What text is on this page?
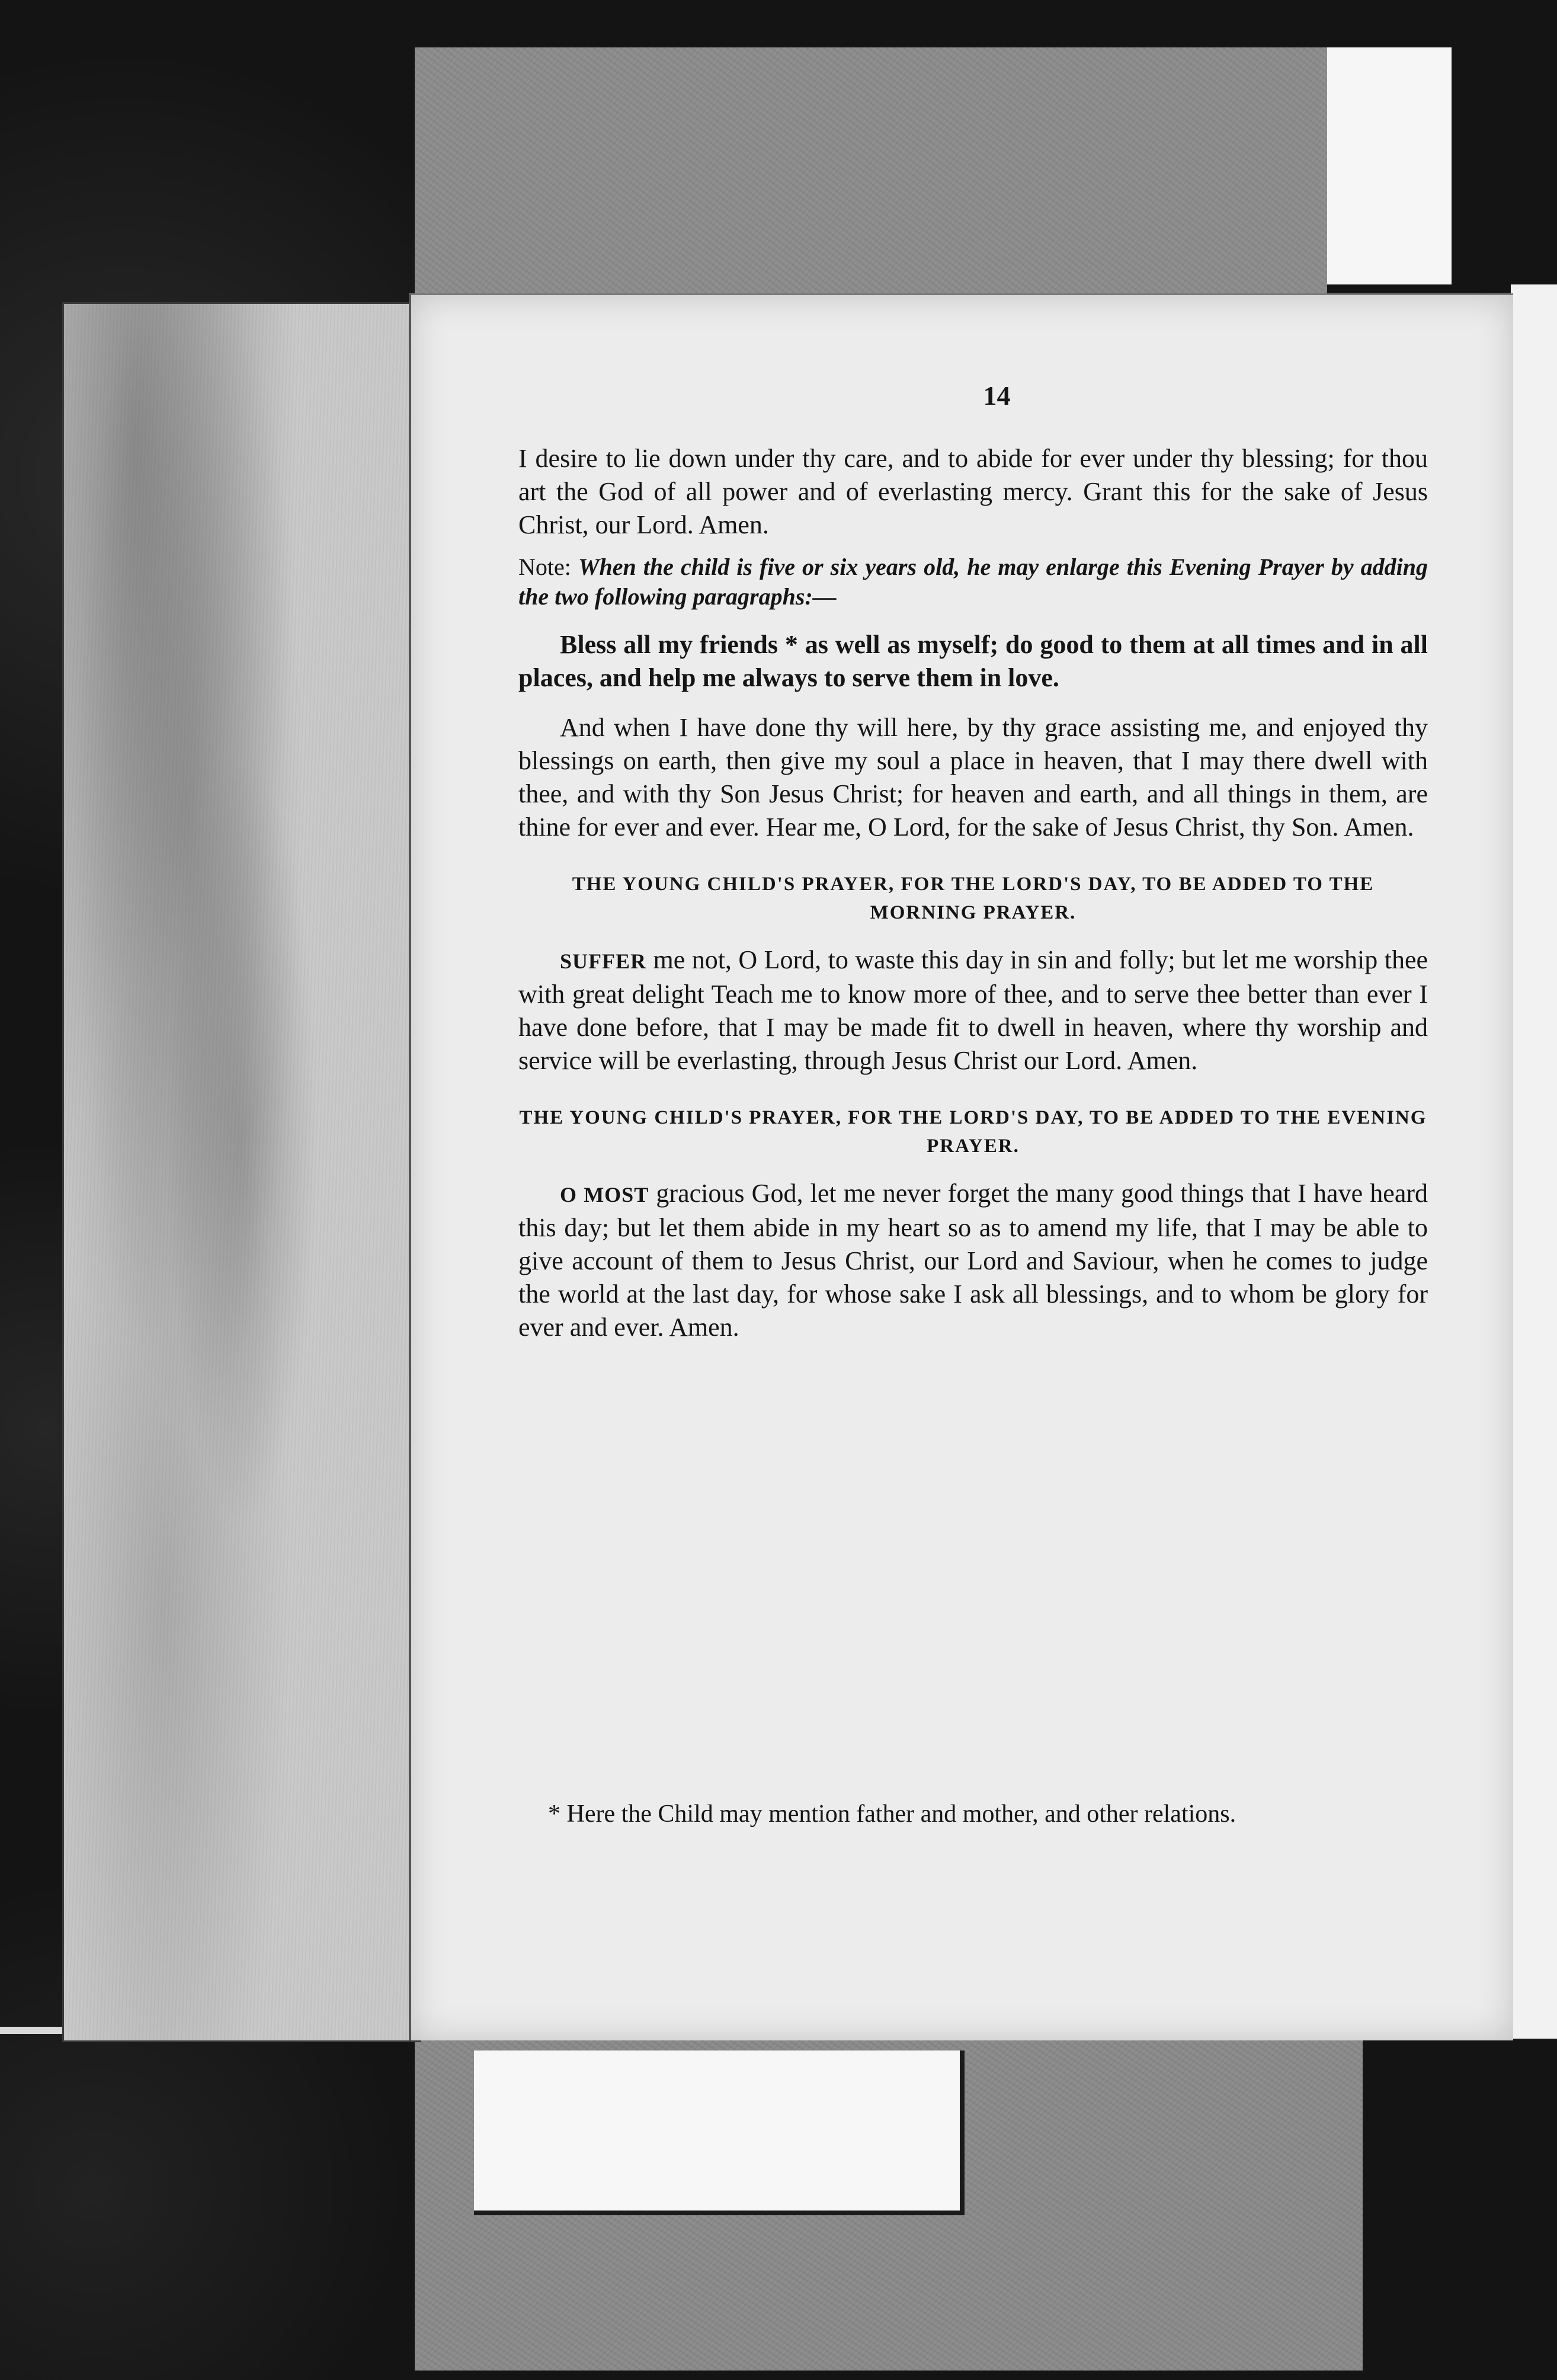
14

I desire to lie down under thy care, and to abide for ever under thy blessing; for thou art the God of all power and of everlasting mercy. Grant this for the sake of Jesus Christ, our Lord. Amen.

Note: When the child is five or six years old, he may enlarge this Evening Prayer by adding the two following paragraphs:—

Bless all my friends * as well as myself; do good to them at all times and in all places, and help me always to serve them in love.

And when I have done thy will here, by thy grace assisting me, and enjoyed thy blessings on earth, then give my soul a place in heaven, that I may there dwell with thee, and with thy Son Jesus Christ; for heaven and earth, and all things in them, are thine for ever and ever. Hear me, O Lord, for the sake of Jesus Christ, thy Son. Amen.

THE YOUNG CHILD'S PRAYER, FOR THE LORD'S DAY, TO BE ADDED TO THE MORNING PRAYER.

SUFFER me not, O Lord, to waste this day in sin and folly; but let me worship thee with great delight Teach me to know more of thee, and to serve thee better than ever I have done before, that I may be made fit to dwell in heaven, where thy worship and service will be everlasting, through Jesus Christ our Lord. Amen.

THE YOUNG CHILD'S PRAYER, FOR THE LORD'S DAY, TO BE ADDED TO THE EVENING PRAYER.

O MOST gracious God, let me never forget the many good things that I have heard this day; but let them abide in my heart so as to amend my life, that I may be able to give account of them to Jesus Christ, our Lord and Saviour, when he comes to judge the world at the last day, for whose sake I ask all blessings, and to whom be glory for ever and ever. Amen.

* Here the Child may mention father and mother, and other relations.
